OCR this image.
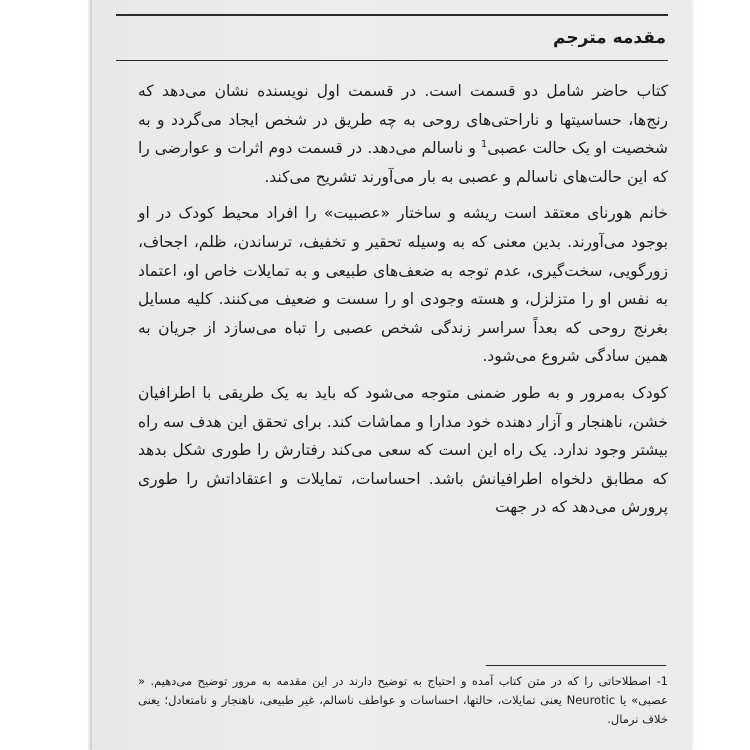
مقدمه مترجم

کتاب حاضر شامل دو قسمت است. در قسمت اول نویسنده نشان می‌دهد که رنج‌ها، حساسیتها و ناراحتی‌های روحی به چه طریق در شخص ایجاد می‌گردد و به شخصیت او یک حالت عصبی$^1$ و ناسالم می‌دهد. در قسمت دوم اثرات و عوارضی را که این حالت‌های ناسالم و عصبی به بار می‌آورند تشریح می‌کند.

خانم هورنای معتقد است ریشه و ساختار «عصبیت» را افراد محیط کودک در او بوجود می‌آورند. بدین معنی که به وسیله تحقیر و تخفیف، ترساندن، ظلم، اجحاف، زورگویی، سخت‌گیری، عدم توجه به ضعف‌های طبیعی و به تمایلات خاص او، اعتماد به نفس او را متزلزل، و هسته وجودی او را سست و ضعیف می‌کنند. کلیه مسایل بغرنج روحی که بعداً سراسر زندگی شخص عصبی را تباه می‌سازد از جریان به همین سادگی شروع می‌شود.

کودک به‌مرور و به طور ضمنی متوجه می‌شود که باید به یک طریقی با اطرافیان خشن، ناهنجار و آزار دهنده خود مدارا و مماشات کند. برای تحقق این هدف سه راه بیشتر وجود ندارد. یک راه این است که سعی می‌کند رفتارش را طوری شکل بدهد که مطابق دلخواه اطرافیانش باشد. احساسات، تمایلات و اعتقاداتش را طوری پرورش می‌دهد که در جهت

1- اصطلاحاتی را که در متن کتاب آمده و احتیاج به توضیح دارند در این مقدمه به مرور توضیح می‌دهیم. « عصبی» یا Neurotic یعنی تمایلات، حالتها، احساسات و عواطف ناسالم، غیر طبیعی، ناهنجار و نامتعادل؛ یعنی خلاف نرمال.
